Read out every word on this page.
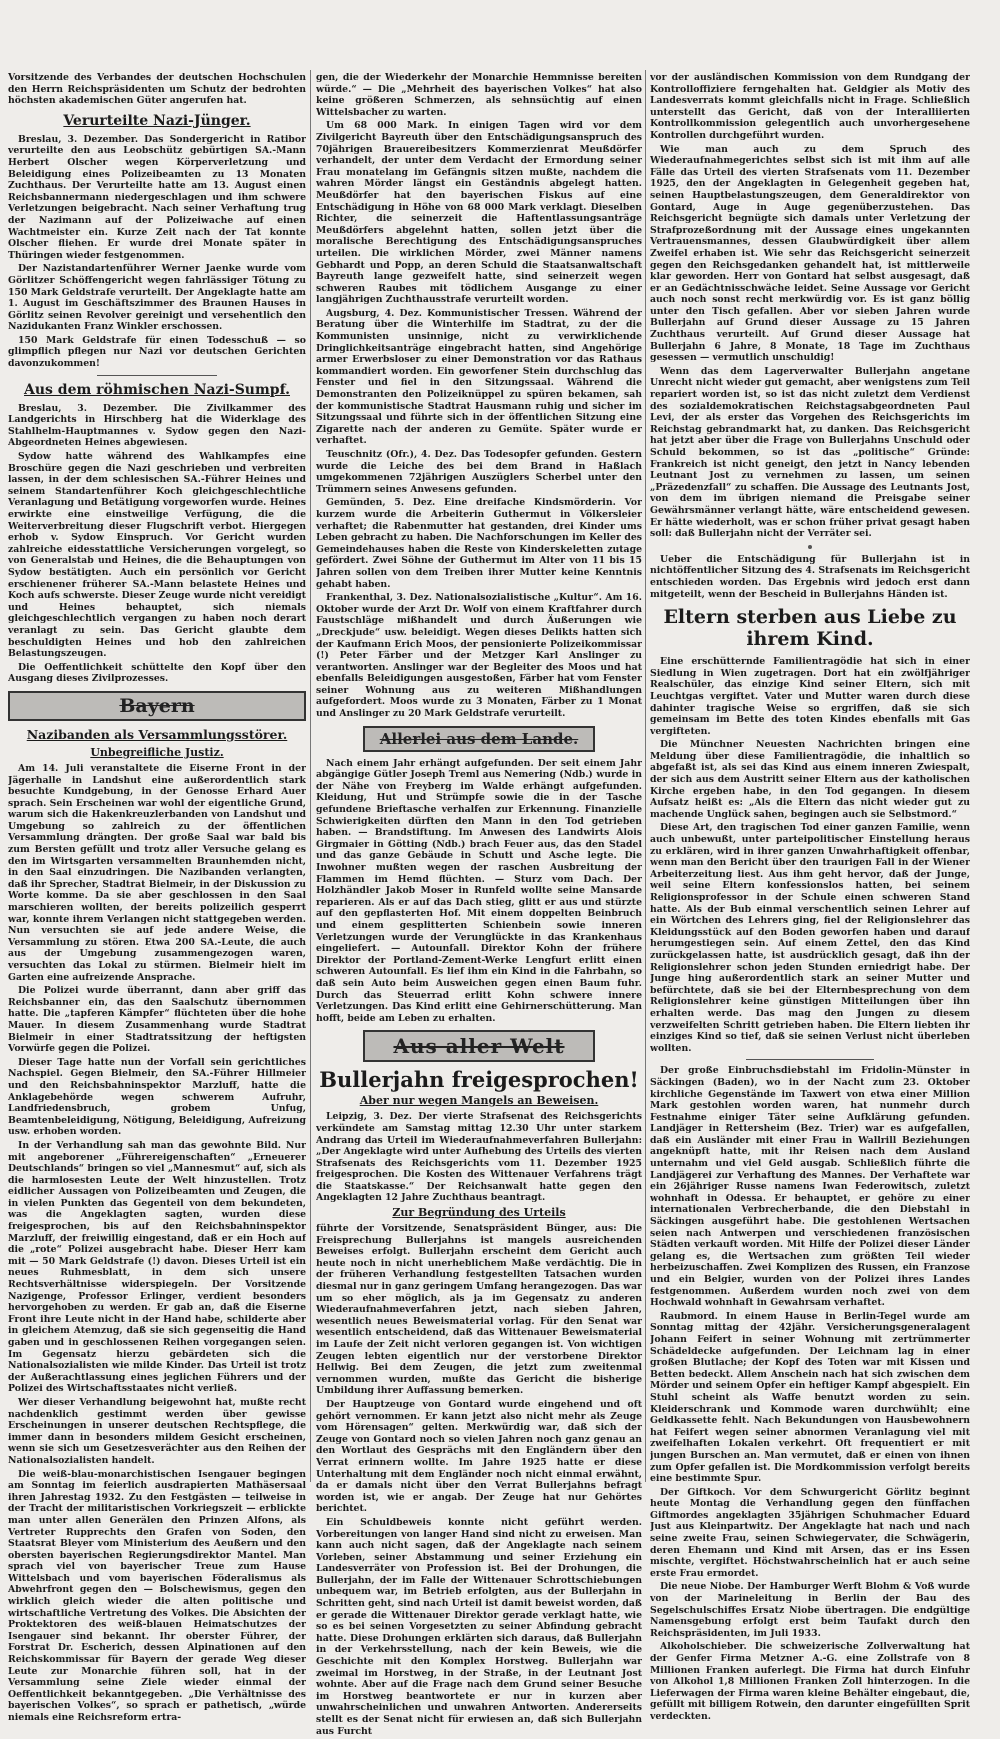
Vorsitzende des Verbandes der deutschen Hochschulen den Herrn Reichspräsidenten um Schutz der bedrohten höchsten akademischen Güter angerufen hat.

Verurteilte Nazi-Jünger.

Breslau, 3. Dezember. Das Sondergericht in Ratibor verurteilte den aus Leobschütz gebürtigen SA.-Mann Herbert Olscher wegen Körperverletzung und Beleidigung eines Polizeibeamten zu 13 Monaten Zuchthaus. Der Verurteilte hatte am 13. August einen Reichsbannermann niedergeschlagen und ihm schwere Verletzungen beigebracht. Nach seiner Verhaftung trug der Nazimann auf der Polizeiwache auf einen Wachtmeister ein. Kurze Zeit nach der Tat konnte Olscher fliehen. Er wurde drei Monate später in Thüringen wieder festgenommen.

Der Nazistandartenführer Werner Jaenke wurde vom Görlitzer Schöffengericht wegen fahrlässiger Tötung zu 150 Mark Geldstrafe verurteilt. Der Angeklagte hatte am 1. August im Geschäftszimmer des Braunen Hauses in Görlitz seinen Revolver gereinigt und versehentlich den Nazidukanten Franz Winkler erschossen.

150 Mark Geldstrafe für einen Todesschuß — so glimpflich pflegen nur Nazi vor deutschen Gerichten davonzukommen!

Aus dem röhmischen Nazi-Sumpf.

Breslau, 3. Dezember. Die Zivilkammer des Landgerichts in Hirschberg hat die Widerklage des Stahlhelm-Hauptmannes v. Sydow gegen den Nazi-Abgeordneten Heines abgewiesen.

Sydow hatte während des Wahlkampfes eine Broschüre gegen die Nazi geschrieben und verbreiten lassen, in der dem schlesischen SA.-Führer Heines und seinem Standartenführer Koch gleichgeschlechtliche Veranlagung und Betätigung vorgeworfen wurde. Heines erwirkte eine einstweilige Verfügung, die die Weiterverbreitung dieser Flugschrift verbot. Hiergegen erhob v. Sydow Einspruch. Vor Gericht wurden zahlreiche eidesstattliche Versicherungen vorgelegt, so von Generalstab und Heines, die die Behauptungen von Sydow bestätigten. Auch ein persönlich vor Gericht erschienener früherer SA.-Mann belastete Heines und Koch aufs schwerste. Dieser Zeuge wurde nicht vereidigt und Heines behauptet, sich niemals gleichgeschlechtlich vergangen zu haben noch derart veranlagt zu sein. Das Gericht glaubte dem beschuldigten Heines und hob den zahlreichen Belastungszeugen.

Die Oeffentlichkeit schüttelte den Kopf über den Ausgang dieses Zivilprozesses.

Bayern
Nazibanden als Versammlungsstörer.
Unbegreifliche Justiz.

Am 14. Juli veranstaltete die Eiserne Front in der Jägerhalle in Landshut eine außerordentlich stark besuchte Kundgebung, in der Genosse Erhard Auer sprach. Sein Erscheinen war wohl der eigentliche Grund, warum sich die Hakenkreuzlerbanden von Landshut und Umgebung so zahlreich zu der öffentlichen Versammlung drängten. Der große Saal war bald bis zum Bersten gefüllt und trotz aller Versuche gelang es den im Wirtsgarten versammelten Braunhemden nicht, in den Saal einzudringen. Die Nazibanden verlangten, daß ihr Sprecher, Stadtrat Bielmeir, in der Diskussion zu Worte komme. Da sie aber geschlossen in den Saal marschieren wollten, der bereits polizeilich gesperrt war, konnte ihrem Verlangen nicht stattgegeben werden. Nun versuchten sie auf jede andere Weise, die Versammlung zu stören. Etwa 200 SA.-Leute, die auch aus der Umgebung zusammengezogen waren, versuchten das Lokal zu stürmen. Bielmeir hielt im Garten eine aufreizende Ansprache.

Die Polizei wurde überrannt, dann aber griff das Reichsbanner ein, das den Saalschutz übernommen hatte. Die „tapferen Kämpfer“ flüchteten über die hohe Mauer. In diesem Zusammenhang wurde Stadtrat Bielmeir in einer Stadtratssitzung der heftigsten Vorwürfe gegen die Polizei.

Dieser Tage hatte nun der Vorfall sein gerichtliches Nachspiel. Gegen Bielmeir, den SA.-Führer Hillmeier und den Reichsbahninspektor Marzluff, hatte die Anklagebehörde wegen schwerem Aufruhr, Landfriedensbruch, grobem Unfug, Beamtenbeleidigung, Nötigung, Beleidigung, Aufreizung usw. erhoben worden.

In der Verhandlung sah man das gewohnte Bild. Nur mit angeborener „Führereigenschaften“ „Erneuerer Deutschlands“ bringen so viel „Mannesmut“ auf, sich als die harmlosesten Leute der Welt hinzustellen. Trotz eidlicher Aussagen von Polizeibeamten und Zeugen, die in vielen Punkten das Gegenteil von dem bekundeten, was die Angeklagten sagten, wurden diese freigesprochen, bis auf den Reichsbahninspektor Marzluff, der freiwillig eingestand, daß er ein Hoch auf die „rote“ Polizei ausgebracht habe. Dieser Herr kam mit — 50 Mark Geldstrafe (!) davon. Dieses Urteil ist ein neues Ruhmesblatt, in dem sich unsere Rechtsverhältnisse widerspiegeln. Der Vorsitzende Nazigenge, Professor Erlinger, verdient besonders hervorgehoben zu werden. Er gab an, daß die Eiserne Front ihre Leute nicht in der Hand habe, schilderte aber in gleichem Atemzug, daß sie sich gegenseitig die Hand gaben und in geschlossenen Reihen vorgegangen seien. Im Gegensatz hierzu gebärdeten sich die Nationalsozialisten wie milde Kinder. Das Urteil ist trotz der Außerachtlassung eines jeglichen Führers und der Polizei des Wirtschaftsstaates nicht verließ.

Wer dieser Verhandlung beigewohnt hat, mußte recht nachdenklich gestimmt werden über gewisse Erscheinungen in unserer deutschen Rechtspflege, die immer dann in besonders mildem Gesicht erscheinen, wenn sie sich um Gesetzesverächter aus den Reihen der Nationalsozialisten handelt.

Die weiß-blau-monarchistischen Isengauer begingen am Sonntag im feierlich ausdrapierten Mathäsersaal ihren Jahrestag 1932. Zu den Festgästen — teilweise in der Tracht der militaristischen Vorkriegszeit — erblickte man unter allen Generälen den Prinzen Alfons, als Vertreter Rupprechts den Grafen von Soden, den Staatsrat Bleyer vom Ministerium des Aeußern und den obersten bayerischen Regierungsdirektor Mantel. Man sprach viel von bayerischer Treue zum Hause Wittelsbach und vom bayerischen Föderalismus als Abwehrfront gegen den — Bolschewismus, gegen den wirklich gleich wieder die alten politische und wirtschaftliche Vertretung des Volkes. Die Absichten der Proktektoren des weiß-blauen Heimatschutzes der Isengauer sind bekannt. Ihr oberster Führer, der Forstrat Dr. Escherich, dessen Alpinationen auf den Reichskommissar für Bayern der gerade Weg dieser Leute zur Monarchie führen soll, hat in der Versammlung seine Ziele wieder einmal der Oeffentlichkeit bekanntgegeben. „Die Verhältnisse des bayerischen Volkes“, so sprach er pathetisch, „würde niemals eine Reichsreform ertra-

gen, die der Wiederkehr der Monarchie Hemmnisse bereiten würde.“ — Die „Mehrheit des bayerischen Volkes“ hat also keine größeren Schmerzen, als sehnsüchtig auf einen Wittelsbacher zu warten.

Um 68 000 Mark. In einigen Tagen wird vor dem Zivilgericht Bayreuth über den Entschädigungsanspruch des 70jährigen Brauereibesitzers Kommerzienrat Meußdörfer verhandelt, der unter dem Verdacht der Ermordung seiner Frau monatelang im Gefängnis sitzen mußte, nachdem die wahren Mörder längst ein Geständnis abgelegt hatten. Meußdörfer hat den bayerischen Fiskus auf eine Entschädigung in Höhe von 68 000 Mark verklagt. Dieselben Richter, die seinerzeit die Haftentlassungsanträge Meußdörfers abgelehnt hatten, sollen jetzt über die moralische Berechtigung des Entschädigungsanspruches urteilen. Die wirklichen Mörder, zwei Männer namens Gebhardt und Popp, an deren Schuld die Staatsanwaltschaft Bayreuth lange gezweifelt hatte, sind seinerzeit wegen schweren Raubes mit tödlichem Ausgange zu einer langjährigen Zuchthausstrafe verurteilt worden.

Augsburg, 4. Dez. Kommunistischer Tressen. Während der Beratung über die Winterhilfe im Stadtrat, zu der die Kommunisten unsinnige, nicht zu verwirklichende Dringlichkeitsanträge eingebracht hatten, sind Angehörige armer Erwerbsloser zu einer Demonstration vor das Rathaus kommandiert worden. Ein geworfener Stein durchschlug das Fenster und fiel in den Sitzungssaal. Während die Demonstranten den Polizeiknüppel zu spüren bekamen, sah der kommunistische Stadtrat Hausmann ruhig und sicher im Sitzungssaal und führte sich in der öffentlichen Sitzung eine Zigarette nach der anderen zu Gemüte. Später wurde er verhaftet.

Teuschnitz (Ofr.), 4. Dez. Das Todesopfer gefunden. Gestern wurde die Leiche des bei dem Brand in Haßlach umgekommenen 72jährigen Auszüglers Scherbel unter den Trümmern seines Anwesens gefunden.

Gemünden, 5. Dez. Eine dreifache Kindsmörderin. Vor kurzem wurde die Arbeiterin Guthermut in Völkersleier verhaftet; die Rabenmutter hat gestanden, drei Kinder ums Leben gebracht zu haben. Die Nachforschungen im Keller des Gemeindehauses haben die Reste von Kinderskeletten zutage gefördert. Zwei Söhne der Guthermut im Alter von 11 bis 15 Jahren sollen von dem Treiben ihrer Mutter keine Kenntnis gehabt haben.

Frankenthal, 3. Dez. Nationalsozialistische „Kultur“. Am 16. Oktober wurde der Arzt Dr. Wolf von einem Kraftfahrer durch Faustschläge mißhandelt und durch Äußerungen wie „Dreckjude“ usw. beleidigt. Wegen dieses Delikts hatten sich der Kaufmann Erich Moos, der pensionierte Polizeikommissar (!) Peter Färber und der Metzger Karl Anslinger zu verantworten. Anslinger war der Begleiter des Moos und hat ebenfalls Beleidigungen ausgestoßen, Färber hat vom Fenster seiner Wohnung aus zu weiteren Mißhandlungen aufgefordert. Moos wurde zu 3 Monaten, Färber zu 1 Monat und Anslinger zu 20 Mark Geldstrafe verurteilt.

Allerlei aus dem Lande.

Nach einem Jahr erhängt aufgefunden. Der seit einem Jahr abgängige Gütler Joseph Treml aus Nemering (Ndb.) wurde in der Nähe von Freyberg im Walde erhängt aufgefunden. Kleidung, Hut und Strümpfe sowie die in der Tasche gefundene Brieftasche verhalfen zur Erkennung. Finanzielle Schwierigkeiten dürften den Mann in den Tod getrieben haben. — Brandstiftung. Im Anwesen des Landwirts Alois Girgmaier in Götting (Ndb.) brach Feuer aus, das den Stadel und das ganze Gebäude in Schutt und Asche legte. Die Inwohner mußten wegen der raschen Ausbreitung der Flammen im Hemd flüchten. — Sturz vom Dach. Der Holzhändler Jakob Moser in Runfeld wollte seine Mansarde reparieren. Als er auf das Dach stieg, glitt er aus und stürzte auf den gepflasterten Hof. Mit einem doppelten Beinbruch und einem gesplitterten Schienbein sowie inneren Verletzungen wurde der Verunglückte in das Krankenhaus eingeliefert. — Autounfall. Direktor Kohn der frühere Direktor der Portland-Zement-Werke Lengfurt erlitt einen schweren Autounfall. Es lief ihm ein Kind in die Fahrbahn, so daß sein Auto beim Ausweichen gegen einen Baum fuhr. Durch das Steuerrad erlitt Kohn schwere innere Verletzungen. Das Kind erlitt eine Gehirnerschütterung. Man hofft, beide am Leben zu erhalten.

Aus aller Welt
Bullerjahn freigesprochen!
Aber nur wegen Mangels an Beweisen.

Leipzig, 3. Dez. Der vierte Strafsenat des Reichsgerichts verkündete am Samstag mittag 12.30 Uhr unter starkem Andrang das Urteil im Wiederaufnahmeverfahren Bullerjahn: „Der Angeklagte wird unter Aufhebung des Urteils des vierten Strafsenats des Reichsgerichts vom 11. Dezember 1925 freigesprochen. Die Kosten des Wittenauer Verfahrens trägt die Staatskasse.“ Der Reichsanwalt hatte gegen den Angeklagten 12 Jahre Zuchthaus beantragt.

Zur Begründung des Urteils

führte der Vorsitzende, Senatspräsident Bünger, aus: Die Freisprechung Bullerjahns ist mangels ausreichenden Beweises erfolgt. Bullerjahn erscheint dem Gericht auch heute noch in nicht unerheblichem Maße verdächtig. Die in der früheren Verhandlung festgestellten Tatsachen wurden diesmal nur in ganz geringem Umfang herangezogen. Das war um so eher möglich, als ja im Gegensatz zu anderen Wiederaufnahmeverfahren jetzt, nach sieben Jahren, wesentlich neues Beweismaterial vorlag. Für den Senat war wesentlich entscheidend, daß das Wittenauer Beweismaterial im Laufe der Zeit nicht verloren gegangen ist. Von wichtigen Zeugen lebten eigentlich nur der verstorbene Direktor Hellwig. Bei dem Zeugen, die jetzt zum zweitenmal vernommen wurden, mußte das Gericht die bisherige Umbildung ihrer Auffassung bemerken.

Der Hauptzeuge von Gontard wurde eingehend und oft gehört vernommen. Er kann jetzt also nicht mehr als Zeuge vom Hörensagen“ gelten. Merkwürdig war, daß sich der Zeuge von Gontard noch so vielen Jahren noch ganz genau an den Wortlaut des Gesprächs mit den Engländern über den Verrat erinnern wollte. Im Jahre 1925 hatte er diese Unterhaltung mit dem Engländer noch nicht einmal erwähnt, da er damals nicht über den Verrat Bullerjahns befragt worden ist, wie er angab. Der Zeuge hat nur Gehörtes berichtet.

Ein Schuldbeweis konnte nicht geführt werden. Vorbereitungen von langer Hand sind nicht zu erweisen. Man kann auch nicht sagen, daß der Angeklagte nach seinem Vorleben, seiner Abstammung und seiner Erziehung ein Landesverräter von Profession ist. Bei der Drohungen, die Bullerjahn, der im Falle der Wittenauer Schrottschiebungen unbequem war, im Betrieb erfolgten, aus der Bullerjahn in Schritten geht, sind nach Urteil ist damit beweist worden, daß er gerade die Wittenauer Direktor gerade verklagt hatte, wie so es bei seinen Vorgesetzten zu seiner Abfindung gebracht hatte. Diese Drohungen erklärten sich daraus, daß Bullerjahn in der Verkehrsstellung, nach der kein Beweis, wie die Geschichte mit den Komplex Horstweg. Bullerjahn war zweimal im Horstweg, in der Straße, in der Leutnant Jost wohnte. Aber auf die Frage nach dem Grund seiner Besuche im Horstweg beantwortete er nur in kurzen aber unwahrscheinlichen und unwahren Antworten. Andererseits stellt es der Senat nicht für erwiesen an, daß sich Bullerjahn aus Furcht

vor der ausländischen Kommission von dem Rundgang der Kontrolloffiziere ferngehalten hat. Geldgier als Motiv des Landesverrats kommt gleichfalls nicht in Frage. Schließlich unterstellt das Gericht, daß von der Interalliierten Kontrollkommission gelegentlich auch unvorhergesehene Kontrollen durchgeführt wurden.

Wie man auch zu dem Spruch des Wiederaufnahmegerichtes selbst sich ist mit ihm auf alle Fälle das Urteil des vierten Strafsenats vom 11. Dezember 1925, den der Angeklagten in Gelegenheit gegeben hat, seinen Hauptbelastungszeugen, dem Generaldirektor von Gontard, Auge in Auge gegenüberzustehen. Das Reichsgericht begnügte sich damals unter Verletzung der Strafprozeßordnung mit der Aussage eines ungekannten Vertrauensmannes, dessen Glaubwürdigkeit über allem Zweifel erhaben ist. Wie sehr das Reichsgericht seinerzeit gegen den Reichsgedanken gehandelt hat, ist mittlerweile klar geworden. Herr von Gontard hat selbst ausgesagt, daß er an Gedächtnisschwäche leidet. Seine Aussage vor Gericht auch noch sonst recht merkwürdig vor. Es ist ganz böllig unter den Tisch gefallen. Aber vor sieben Jahren wurde Bullerjahn auf Grund dieser Aussage zu 15 Jahren Zuchthaus verurteilt. Auf Grund dieser Aussage hat Bullerjahn 6 Jahre, 8 Monate, 18 Tage im Zuchthaus gesessen — vermutlich unschuldig!

Wenn das dem Lagerverwalter Bullerjahn angetane Unrecht nicht wieder gut gemacht, aber wenigstens zum Teil repariert worden ist, so ist das nicht zuletzt dem Verdienst des sozialdemokratischen Reichstagsabgeordneten Paul Levi, der als erster das Vorgehen des Reichsgerichts im Reichstag gebrandmarkt hat, zu danken. Das Reichsgericht hat jetzt aber über die Frage von Bullerjahns Unschuld oder Schuld bekommen, so ist das „politische“ Gründe: Frankreich ist nicht geneigt, den jetzt in Nancy lebenden Leutnant Jost zu vernehmen zu lassen, um seinen „Präzedenzfall“ zu schaffen. Die Aussage des Leutnants Jost, von dem im übrigen niemand die Preisgabe seiner Gewährsmänner verlangt hätte, wäre entscheidend gewesen. Er hätte wiederholt, was er schon früher privat gesagt haben soll: daß Bullerjahn nicht der Verräter sei.

Ueber die Entschädigung für Bullerjahn ist in nichtöffentlicher Sitzung des 4. Strafsenats im Reichsgericht entschieden worden. Das Ergebnis wird jedoch erst dann mitgeteilt, wenn der Bescheid in Bullerjahns Händen ist.

Eltern sterben aus Liebe zu ihrem Kind.

Eine erschütternde Familientragödie hat sich in einer Siedlung in Wien zugetragen. Dort hat ein zwölfjähriger Realschüler, das einzige Kind seiner Eltern, sich mit Leuchtgas vergiftet. Vater und Mutter waren durch diese dahinter tragische Weise so ergriffen, daß sie sich gemeinsam im Bette des toten Kindes ebenfalls mit Gas vergifteten.

Die Münchner Neuesten Nachrichten bringen eine Meldung über diese Familientragödie, die inhaltlich so abgefaßt ist, als sei das Kind aus einem inneren Zwiespalt, der sich aus dem Austritt seiner Eltern aus der katholischen Kirche ergeben habe, in den Tod gegangen. In diesem Aufsatz heißt es: „Als die Eltern das nicht wieder gut zu machende Unglück sahen, begingen auch sie Selbstmord.“

Diese Art, den tragischen Tod einer ganzen Familie, wenn auch unbewußt, unter parteipolitischer Einstellung heraus zu erklären, wird in ihrer ganzen Unwahrhaftigkeit offenbar, wenn man den Bericht über den traurigen Fall in der Wiener Arbeiterzeitung liest. Aus ihm geht hervor, daß der Junge, weil seine Eltern konfessionslos hatten, bei seinem Religionsprofessor in der Schule einen schweren Stand hatte. Als der Bub einmal verschentlich seinen Lehrer auf ein Wörtchen des Lehrers ging, fiel der Religionslehrer das Kleidungsstück auf den Boden geworfen haben und darauf herumgestiegen sein. Auf einem Zettel, den das Kind zurückgelassen hatte, ist ausdrücklich gesagt, daß ihn der Religionslehrer schon jeden Stunden erniedrigt habe. Der Junge hing außerordentlich stark an seiner Mutter und befürchtete, daß sie bei der Elternbesprechung von dem Religionslehrer keine günstigen Mitteilungen über ihn erhalten werde. Das mag den Jungen zu diesem verzweifelten Schritt getrieben haben. Die Eltern liebten ihr einziges Kind so tief, daß sie seinen Verlust nicht überleben wollten.

Der große Einbruchsdiebstahl im Fridolin-Münster in Säckingen (Baden), wo in der Nacht zum 23. Oktober kirchliche Gegenstände im Taxwert von etwa einer Million Mark gestohlen worden waren, hat nunmehr durch Festnahme einiger Täter seine Aufklärung gefunden. Landjäger in Rettersheim (Bez. Trier) war es aufgefallen, daß ein Ausländer mit einer Frau in Wallrill Beziehungen angeknüpft hatte, mit ihr Reisen nach dem Ausland unternahm und viel Geld ausgab. Schließlich führte die Landjägerei zur Verhaftung des Mannes. Der Verhaftete war ein 26jähriger Russe namens Iwan Federowitsch, zuletzt wohnhaft in Odessa. Er behauptet, er gehöre zu einer internationalen Verbrecherbande, die den Diebstahl in Säckingen ausgeführt habe. Die gestohlenen Wertsachen seien nach Antwerpen und verschiedenen französischen Städten verkauft worden. Mit Hilfe der Polizei dieser Länder gelang es, die Wertsachen zum größten Teil wieder herbeizuschaffen. Zwei Komplizen des Russen, ein Franzose und ein Belgier, wurden von der Polizei ihres Landes festgenommen. Außerdem wurden noch zwei von dem Hochwald wohnhaft in Gewahrsam verhaftet.

Raubmord. In einem Hause in Berlin-Tegel wurde am Sonntag mittag der 42jähr. Versicherungsgeneralagent Johann Feifert in seiner Wohnung mit zertrümmerter Schädeldecke aufgefunden. Der Leichnam lag in einer großen Blutlache; der Kopf des Toten war mit Kissen und Betten bedeckt. Allem Anschein nach hat sich zwischen dem Mörder und seinem Opfer ein heftiger Kampf abgespielt. Ein Stuhl scheint als Waffe benutzt worden zu sein. Kleiderschrank und Kommode waren durchwühlt; eine Geldkassette fehlt. Nach Bekundungen von Hausbewohnern hat Feifert wegen seiner abnormen Veranlagung viel mit zweifelhaften Lokalen verkehrt. Oft frequentiert er mit jungen Burschen an. Man vermutet, daß er einen von ihnen zum Opfer gefallen ist. Die Mordkommission verfolgt bereits eine bestimmte Spur.

Der Giftkoch. Vor dem Schwurgericht Görlitz beginnt heute Montag die Verhandlung gegen den fünffachen Giftmordes angeklagten 35jährigen Schuhmacher Eduard Just aus Kleinpartwitz. Der Angeklagte hat nach und nach seine zweite Frau, seinen Schwiegervater, die Schwägerin, deren Ehemann und Kind mit Arsen, das er ins Essen mischte, vergiftet. Höchstwahrscheinlich hat er auch seine erste Frau ermordet.

Die neue Niobe. Der Hamburger Werft Blohm & Voß wurde von der Marineleitung in Berlin der Bau des Segelschulschiffes Ersatz Niobe übertragen. Die endgültige Namensgebung erfolgt erst beim Taufakt durch den Reichspräsidenten, im Juli 1933.

Alkoholschieber. Die schweizerische Zollverwaltung hat der Genfer Firma Metzner A.-G. eine Zollstrafe von 8 Millionen Franken auferlegt. Die Firma hat durch Einfuhr von Alkohol 1,8 Millionen Franken Zoll hinterzogen. In die Lieferwagen der Firma waren kleine Behälter eingebaut, die, gefüllt mit billigem Rotwein, den darunter eingefüllten Sprit verdeckten.
